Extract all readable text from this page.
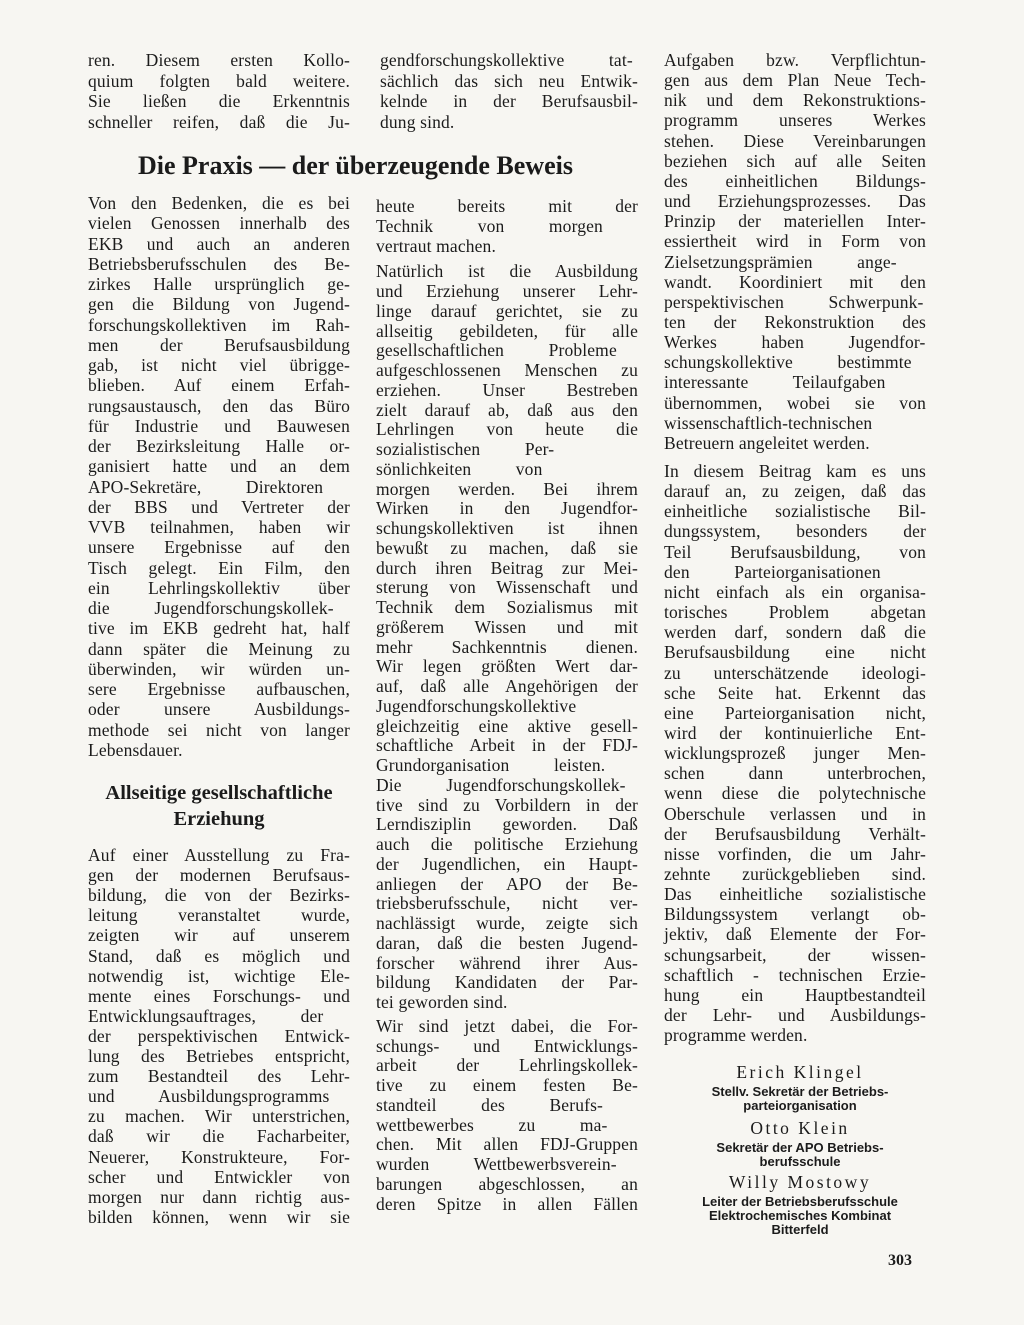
ren. Diesem ersten Kollo-
quium folgten bald weitere.
Sie ließen die Erkenntnis
schneller reifen, daß die Ju-
gendforschungskollektive tat-
sächlich das sich neu Entwik-
kelnde in der Berufsausbil-
dung sind.
Die Praxis — der überzeugende Beweis
Von den Bedenken, die es bei
vielen Genossen innerhalb des
EKB und auch an anderen
Betriebsberufsschulen des Be-
zirkes Halle ursprünglich ge-
gen die Bildung von Jugend-
forschungskollektiven im Rah-
men der Berufsausbildung
gab, ist nicht viel übrigge-
blieben. Auf einem Erfah-
rungsaustausch, den das Büro
für Industrie und Bauwesen
der Bezirksleitung Halle or-
ganisiert hatte und an dem
APO-Sekretäre, Direktoren
der BBS und Vertreter der
VVB teilnahmen, haben wir
unsere Ergebnisse auf den
Tisch gelegt. Ein Film, den
ein Lehrlingskollektiv über
die Jugendforschungskollek-
tive im EKB gedreht hat, half
dann später die Meinung zu
überwinden, wir würden un-
sere Ergebnisse aufbauschen,
oder unsere Ausbildungs-
methode sei nicht von langer
Lebensdauer.
Allseitige gesellschaftliche
Erziehung
Auf einer Ausstellung zu Fra-
gen der modernen Berufsaus-
bildung, die von der Bezirks-
leitung veranstaltet wurde,
zeigten wir auf unserem
Stand, daß es möglich und
notwendig ist, wichtige Ele-
mente eines Forschungs- und
Entwicklungsauftrages, der
der perspektivischen Entwick-
lung des Betriebes entspricht,
zum Bestandteil des Lehr-
und Ausbildungsprogramms
zu machen. Wir unterstrichen,
daß wir die Facharbeiter,
Neuerer, Konstrukteure, For-
scher und Entwickler von
morgen nur dann richtig aus-
bilden können, wenn wir sie
heute bereits mit der
Technik von morgen
vertraut machen.
Natürlich ist die Ausbildung
und Erziehung unserer Lehr-
linge darauf gerichtet, sie zu
allseitig gebildeten, für alle
gesellschaftlichen Probleme
aufgeschlossenen Menschen zu
erziehen. Unser Bestreben
zielt darauf ab, daß aus den
Lehrlingen von heute die
sozialistischen Per-
sönlichkeiten von
morgen werden. Bei ihrem
Wirken in den Jugendfor-
schungskollektiven ist ihnen
bewußt zu machen, daß sie
durch ihren Beitrag zur Mei-
sterung von Wissenschaft und
Technik dem Sozialismus mit
größerem Wissen und mit
mehr Sachkenntnis dienen.
Wir legen größten Wert dar-
auf, daß alle Angehörigen der
Jugendforschungskollektive
gleichzeitig eine aktive gesell-
schaftliche Arbeit in der FDJ-
Grundorganisation leisten.
Die Jugendforschungskollek-
tive sind zu Vorbildern in der
Lerndisziplin geworden. Daß
auch die politische Erziehung
der Jugendlichen, ein Haupt-
anliegen der APO der Be-
triebsberufsschule, nicht ver-
nachlässigt wurde, zeigte sich
daran, daß die besten Jugend-
forscher während ihrer Aus-
bildung Kandidaten der Par-
tei geworden sind.
Wir sind jetzt dabei, die For-
schungs- und Entwicklungs-
arbeit der Lehrlingskollek-
tive zu einem festen Be-
standteil des Berufs-
wettbewerbes zu ma-
chen. Mit allen FDJ-Gruppen
wurden Wettbewerbsverein-
barungen abgeschlossen, an
deren Spitze in allen Fällen
Aufgaben bzw. Verpflichtun-
gen aus dem Plan Neue Tech-
nik und dem Rekonstruktions-
programm unseres Werkes
stehen. Diese Vereinbarungen
beziehen sich auf alle Seiten
des einheitlichen Bildungs-
und Erziehungsprozesses. Das
Prinzip der materiellen Inter-
essiertheit wird in Form von
Zielsetzungsprämien ange-
wandt. Koordiniert mit den
perspektivischen Schwerpunk-
ten der Rekonstruktion des
Werkes haben Jugendfor-
schungskollektive bestimmte
interessante Teilaufgaben
übernommen, wobei sie von
wissenschaftlich-technischen
Betreuern angeleitet werden.
In diesem Beitrag kam es uns
darauf an, zu zeigen, daß das
einheitliche sozialistische Bil-
dungssystem, besonders der
Teil Berufsausbildung, von
den Parteiorganisationen
nicht einfach als ein organisa-
torisches Problem abgetan
werden darf, sondern daß die
Berufsausbildung eine nicht
zu unterschätzende ideologi-
sche Seite hat. Erkennt das
eine Parteiorganisation nicht,
wird der kontinuierliche Ent-
wicklungsprozeß junger Men-
schen dann unterbrochen,
wenn diese die polytechnische
Oberschule verlassen und in
der Berufsausbildung Verhält-
nisse vorfinden, die um Jahr-
zehnte zurückgeblieben sind.
Das einheitliche sozialistische
Bildungssystem verlangt ob-
jektiv, daß Elemente der For-
schungsarbeit, der wissen-
schaftlich - technischen Erzie-
hung ein Hauptbestandteil
der Lehr- und Ausbildungs-
programme werden.
Erich Klingel
Stellv. Sekretär der Betriebs-
parteiorganisation
Otto Klein
Sekretär der APO Betriebs-
berufsschule
Willy Mostowy
Leiter der Betriebsberufsschule
Elektrochemisches Kombinat
Bitterfeld
303
